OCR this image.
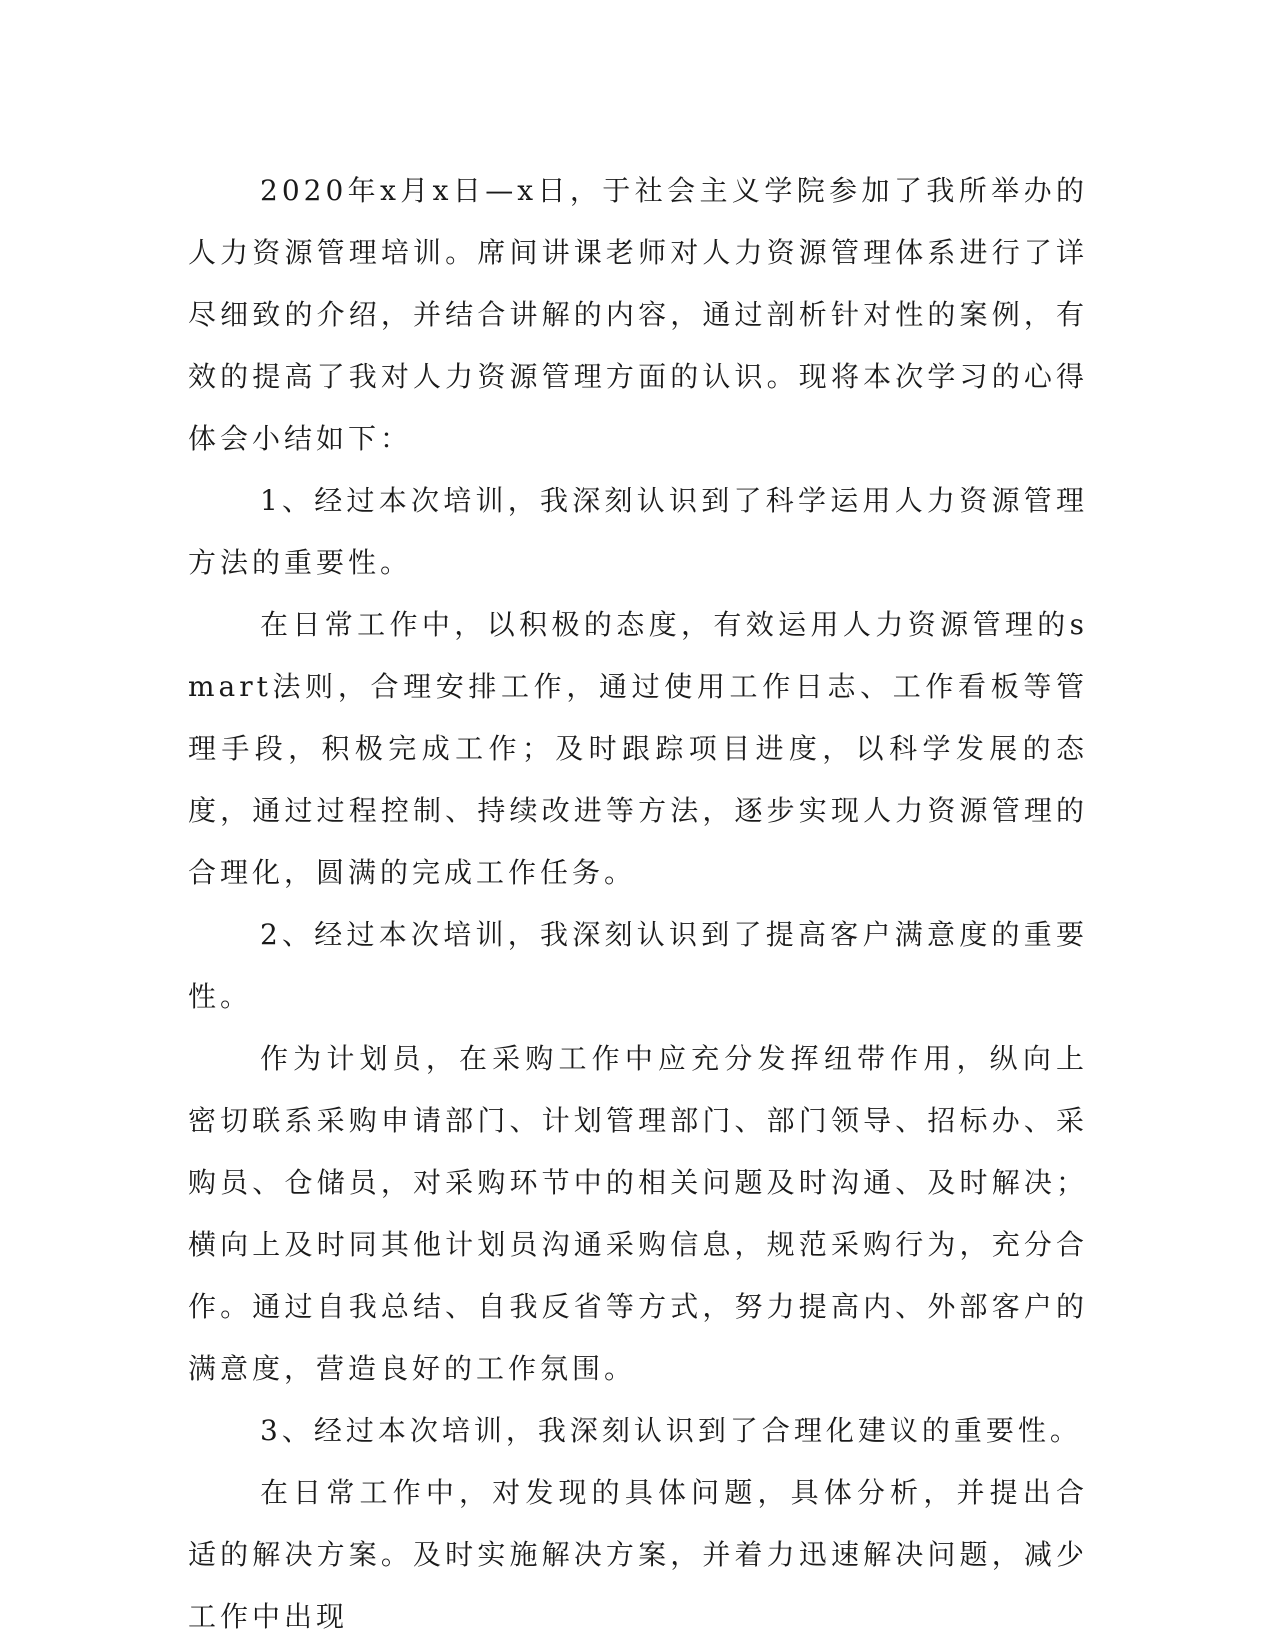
2020年x月x日—x日，于社会主义学院参加了我所举办的人力资源管理培训。席间讲课老师对人力资源管理体系进行了详尽细致的介绍，并结合讲解的内容，通过剖析针对性的案例，有效的提高了我对人力资源管理方面的认识。现将本次学习的心得体会小结如下：

1、经过本次培训，我深刻认识到了科学运用人力资源管理方法的重要性。

在日常工作中，以积极的态度，有效运用人力资源管理的smart法则，合理安排工作，通过使用工作日志、工作看板等管理手段，积极完成工作；及时跟踪项目进度，以科学发展的态度，通过过程控制、持续改进等方法，逐步实现人力资源管理的合理化，圆满的完成工作任务。

2、经过本次培训，我深刻认识到了提高客户满意度的重要性。

作为计划员，在采购工作中应充分发挥纽带作用，纵向上密切联系采购申请部门、计划管理部门、部门领导、招标办、采购员、仓储员，对采购环节中的相关问题及时沟通、及时解决；横向上及时同其他计划员沟通采购信息，规范采购行为，充分合作。通过自我总结、自我反省等方式，努力提高内、外部客户的满意度，营造良好的工作氛围。

3、经过本次培训，我深刻认识到了合理化建议的重要性。

在日常工作中，对发现的具体问题，具体分析，并提出合适的解决方案。及时实施解决方案，并着力迅速解决问题，减少工作中出现
